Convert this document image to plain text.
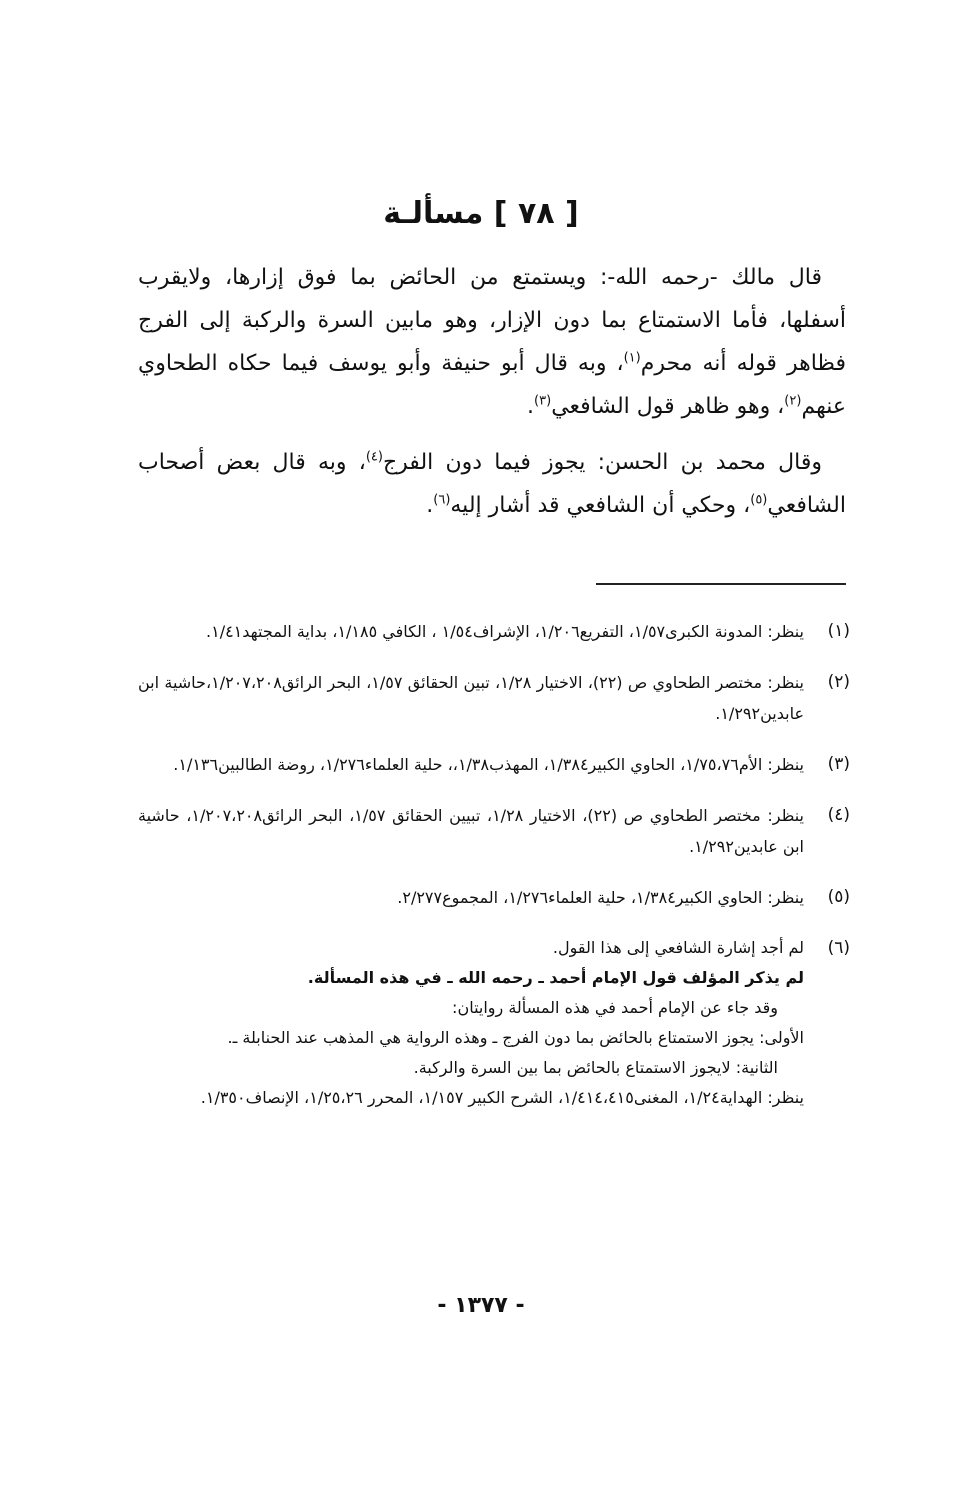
[ ٧٨ ] مسألـة

قال مالك -رحمه الله-: ويستمتع من الحائض بما فوق إزارها، ولايقرب أسفلها، فأما الاستمتاع بما دون الإزار، وهو مابين السرة والركبة إلى الفرج فظاهر قوله أنه محرم$^{(١)}$، وبه قال أبو حنيفة وأبو يوسف فيما حكاه الطحاوي عنهم$^{(٢)}$، وهو ظاهر قول الشافعي$^{(٣)}$.

وقال محمد بن الحسن: يجوز فيما دون الفرج$^{(٤)}$، وبه قال بعض أصحاب الشافعي$^{(٥)}$، وحكي أن الشافعي قد أشار إليه$^{(٦)}$.

(١)
ينظر: المدونة الكبرى١/٥٧، التفريع١/٢٠٦، الإشراف١/٥٤ ، الكافي ١/١٨٥، بداية المجتهد١/٤١.
(٢)
ينظر: مختصر الطحاوي ص (٢٢)، الاختيار ١/٢٨، تبين الحقائق ١/٥٧، البحر الرائق١/٢٠٧،٢٠٨،حاشية ابن عابدين١/٢٩٢.
(٣)
ينظر: الأم١/٧٥،٧٦، الحاوي الكبير١/٣٨٤، المهذب١/٣٨،، حلية العلماء١/٢٧٦، روضة الطالبين١/١٣٦.
(٤)
ينظر: مختصر الطحاوي ص (٢٢)، الاختيار ١/٢٨، تبيين الحقائق ١/٥٧، البحر الرائق١/٢٠٧،٢٠٨، حاشية ابن عابدين١/٢٩٢.
(٥)
ينظر: الحاوي الكبير١/٣٨٤، حلية العلماء١/٢٧٦، المجموع٢/٢٧٧.
(٦)
لم أجد إشارة الشافعي إلى هذا القول.
لم يذكر المؤلف قول الإمام أحمد ـ رحمه الله ـ في هذه المسألة.
وقد جاء عن الإمام أحمد في هذه المسألة روايتان:
الأولى: يجوز الاستمتاع بالحائض بما دون الفرج ـ وهذه الرواية هي المذهب عند الحنابلة ـ.
الثانية: لايجوز الاستمتاع بالحائض بما بين السرة والركبة.
ينظر: الهداية١/٢٤، المغنى١/٤١٤،٤١٥، الشرح الكبير ١/١٥٧، المحرر ١/٢٥،٢٦، الإنصاف١/٣٥٠.
- ١٣٧٧ -
